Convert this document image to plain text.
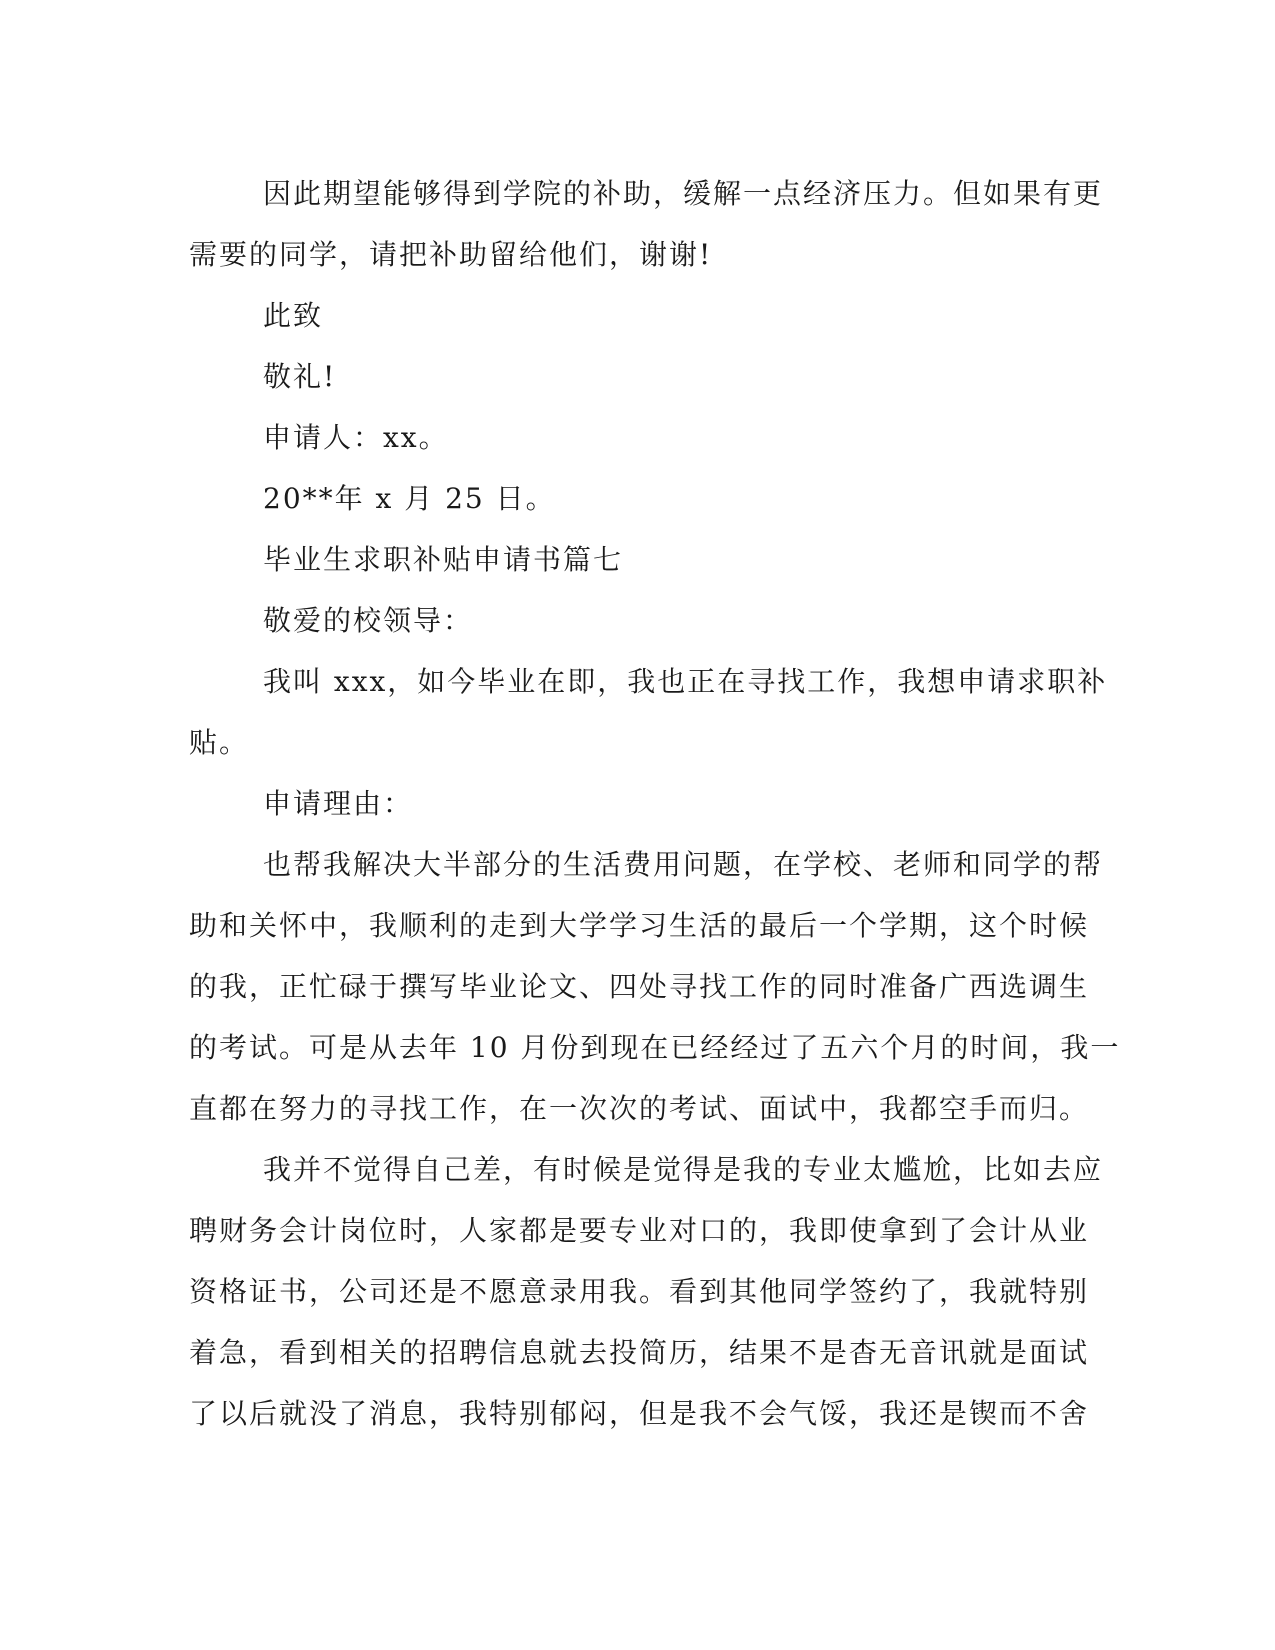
因此期望能够得到学院的补助，缓解一点经济压力。但如果有更
需要的同学，请把补助留给他们，谢谢!
此致
敬礼!
申请人：xx。
20**年 x 月 25 日。
毕业生求职补贴申请书篇七
敬爱的校领导：
我叫 xxx，如今毕业在即，我也正在寻找工作，我想申请求职补
贴。
申请理由：
也帮我解决大半部分的生活费用问题，在学校、老师和同学的帮
助和关怀中，我顺利的走到大学学习生活的最后一个学期，这个时候
的我，正忙碌于撰写毕业论文、四处寻找工作的同时准备广西选调生
的考试。可是从去年 10 月份到现在已经经过了五六个月的时间，我一
直都在努力的寻找工作，在一次次的考试、面试中，我都空手而归。
我并不觉得自己差，有时候是觉得是我的专业太尴尬，比如去应
聘财务会计岗位时，人家都是要专业对口的，我即使拿到了会计从业
资格证书，公司还是不愿意录用我。看到其他同学签约了，我就特别
着急，看到相关的招聘信息就去投简历，结果不是杳无音讯就是面试
了以后就没了消息，我特别郁闷，但是我不会气馁，我还是锲而不舍
